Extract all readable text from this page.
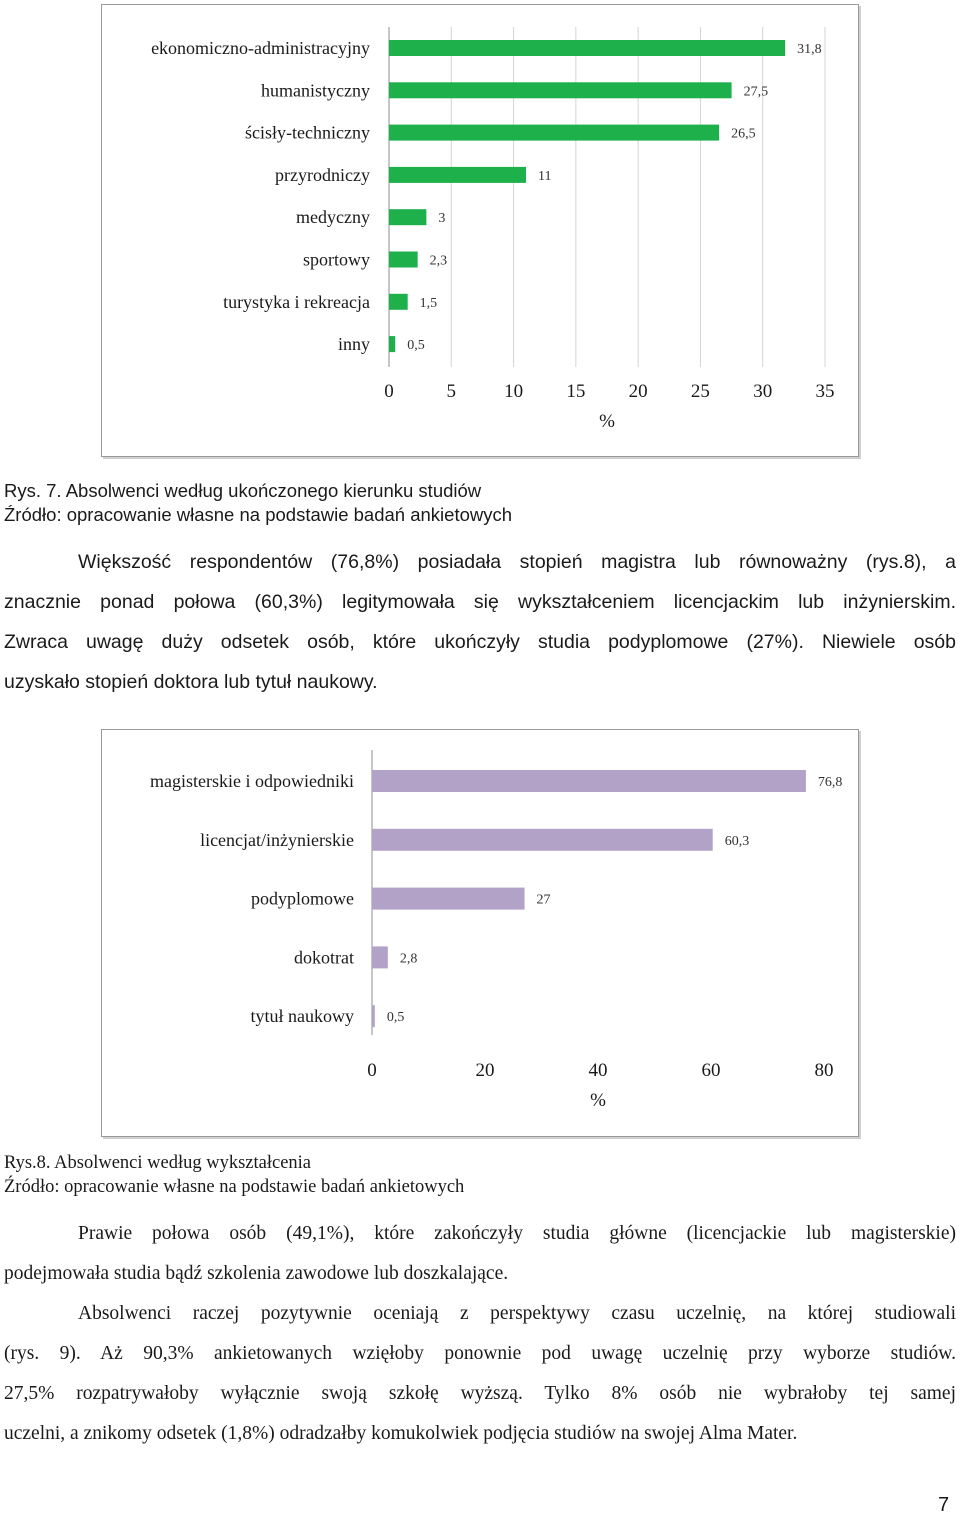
ekonomiczno-administracyjny	31,8
humanistyczny	27,5
ścisły-techniczny	26,5
przyrodniczy	11
medyczny	3
sportowy	2,3
turystyka i rekreacja	1,5
inny	0,5
0	5	10 15 20 25 30 35
%
Rys. 7. Absolwenci według ukończonego kierunku studiów
Źródło: opracowanie własne na podstawie badań ankietowych
Większość respondentów (76,8%) posiadała stopień magistra lub równoważny (rys.8), a
znacznie ponad połowa (60,3%) legitymowała się wykształceniem licencjackim lub inżynierskim.
Zwraca uwagę duży odsetek osób, które ukończyły studia podyplomowe (27%). Niewiele osób
uzyskało stopień doktora lub tytuł naukowy.
magisterskie i odpowiedniki	76,8
licencjat/inżynierskie	60,3
podyplomowe	27
dokotrat	2,8
tytuł naukowy 0,5
0	20	40	60	80
%
Rys.8. Absolwenci według wykształcenia
Źródło: opracowanie własne na podstawie badań ankietowych
Prawie połowa osób (49,1%), które zakończyły studia główne (licencjackie lub magisterskie)
podejmowała studia bądź szkolenia zawodowe lub doszkalające.
Absolwenci raczej pozytywnie oceniają z perspektywy czasu uczelnię, na której studiowali
(rys. 9). Aż 90,3% ankietowanych wzięłoby ponownie pod uwagę uczelnię przy wyborze studiów.
27,5% rozpatrywałoby wyłącznie swoją szkołę wyższą. Tylko 8% osób nie wybrałoby tej samej
uczelni, a znikomy odsetek (1,8%) odradzałby komukolwiek podjęcia studiów na swojej Alma Mater.
7
